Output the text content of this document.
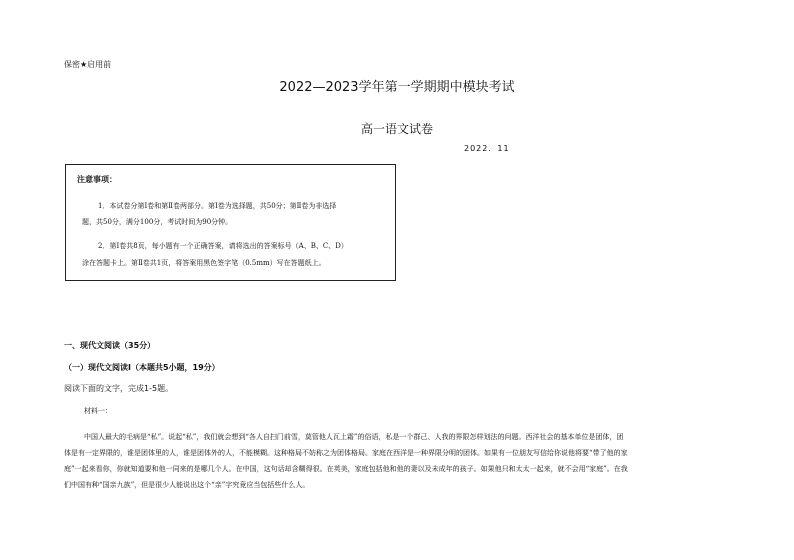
保密★启用前
2022—2023学年第一学期期中模块考试
高一语文试卷
2022．11
注意事项：
1．本试卷分第Ⅰ卷和第Ⅱ卷两部分。第Ⅰ卷为选择题，共50分；第Ⅱ卷为非选择
题，共50分，满分100分，考试时间为90分钟。
2．第Ⅰ卷共8页，每小题有一个正确答案，请将选出的答案标号（A、B、C、D）
涂在答题卡上。第Ⅱ卷共1页，将答案用黑色签字笔（0.5mm）写在答题纸上。
一、现代文阅读（35分）
（一）现代文阅读Ⅰ（本题共5小题，19分）
阅读下面的文字，完成1-5题。
材料一：
中国人最大的毛病是“私”。说起“私”，我们就会想到“各人自扫门前雪，莫管他人瓦上霜”的俗语，私是一个群己、人我的界限怎样划法的问题。西洋社会的基本单位是团体，团
体是有一定界限的，谁是团体里的人，谁是团体外的人，不能模糊。这种格局不妨称之为团体格局。家庭在西洋是一种界限分明的团体。如果有一位朋友写信给你说他将要“带了他的家
庭”一起来看你，你就知道要和他一同来的是哪几个人。在中国，这句话却含糊得很。在英美，家庭包括他和他的妻以及未成年的孩子。如果他只和太太一起来，就不会用“家庭”。在我
们中国有种“国亲九族”，但是很少人能说出这个“亲”字究竟应当包括些什么人。
